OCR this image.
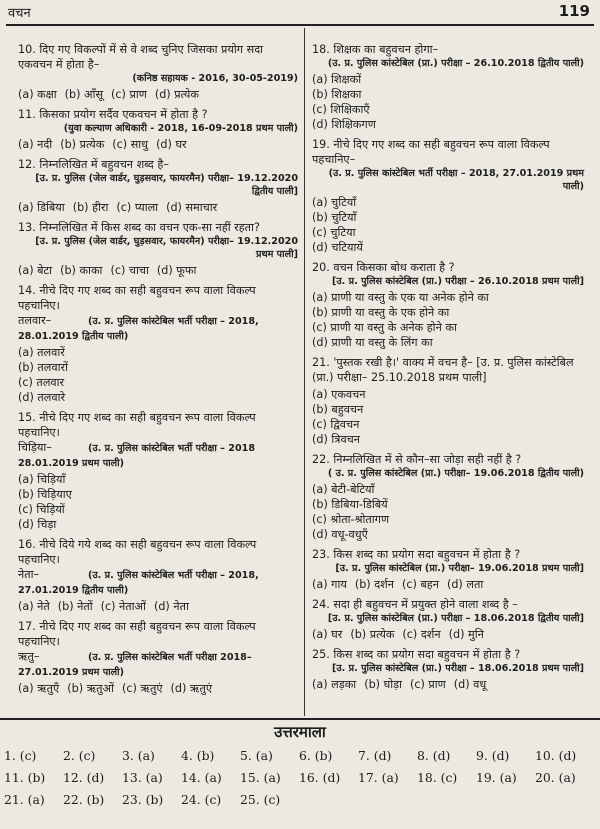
वचन	119
10. दिए गए विकल्पों में से वे शब्द चुनिए जिसका प्रयोग सदा एकवचन में होता है–
(कनिष्ठ सहायक - 2016, 30-05-2019)
(a) कक्षा (b) आँसू (c) प्राण (d) प्रत्येक
11. किसका प्रयोग सर्दैव एकवचन में होता है ?
(युवा कल्याण अधिकारी - 2018, 16-09-2018 प्रथम पाली)
(a) नदी (b) प्रत्येक (c) साधु (d) घर
12. निम्नलिखित में बहुवचन शब्द है–
[उ. प्र. पुलिस (जेल वार्डर, घुड़सवार, फायरमैन) परीक्षा– 19.12.2020 द्वितीय पाली]
(a) डिबिया (b) हीरा (c) प्याला (d) समाचार
13. निम्नलिखित में किस शब्द का वचन एक-सा नहीं रहता?
[उ. प्र. पुलिस (जेल वार्डर, घुड़सवार, फायरमैन) परीक्षा– 19.12.2020 प्रथम पाली]
(a) बेटा (b) काका (c) चाचा (d) फूफा
14. नीचे दिए गए शब्द का सही बहुवचन रूप वाला विकल्प पहचानिए।
तलवार–	(उ. प्र. पुलिस कांस्टेबिल भर्ती परीक्षा – 2018, 28.01.2019 द्वितीय पाली)
(a) तलवारें(b) तलवारों(c) तलवार(d) तलवारे
15. नीचे दिए गए शब्द का सही बहुवचन रूप वाला विकल्प पहचानिए।
चिड़िया–	(उ. प्र. पुलिस कांस्टेबिल भर्ती परीक्षा – 2018 28.01.2019 प्रथम पाली)
(a) चिड़ियाँ(b) चिड़ियाए(c) चिड़ियों(d) चिड़ा
16. नीचे दिये गये शब्द का सही बहुवचन रूप वाला विकल्प पहचानिए।
नेता–	(उ. प्र. पुलिस कांस्टेबिल भर्ती परीक्षा – 2018, 27.01.2019 द्वितीय पाली)
(a) नेते (b) नेतों (c) नेताओं (d) नेता
17. नीचे दिए गए शब्द का सही बहुवचन रूप वाला विकल्प पहचानिए।
ऋतु–	(उ. प्र. पुलिस कांस्टेबिल भर्ती परीक्षा 2018– 27.01.2019 प्रथम पाली)
(a) ऋतुएँ (b) ऋतुओं (c) ऋतुएं (d) ऋतुएं
18. शिक्षक का बहुवचन होगा–
(उ. प्र. पुलिस कांस्टेबिल (प्रा.) परीक्षा – 26.10.2018 द्वितीय पाली)
(a) शिक्षकों(b) शिक्षका(c) शिक्षिकाएँ(d) शिक्षिकगण
19. नीचे दिए गए शब्द का सही बहुवचन रूप वाला विकल्प पहचानिए–
(उ. प्र. पुलिस कांस्टेबिल भर्ती परीक्षा – 2018, 27.01.2019 प्रथम पाली)
(a) चुटियाँ(b) चुटियाँ(c) चुटिया(d) चटियायें
20. वचन किसका बोध कराता है ?
[उ. प्र. पुलिस कांस्टेबिल (प्रा.) परीक्षा – 26.10.2018 प्रथम पाली]
(a) प्राणी या वस्तु के एक या अनेक होने का
(b) प्राणी या वस्तु के एक होने का
(c) प्राणी या वस्तु के अनेक होने का
(d) प्राणी या वस्तु के लिंग का
21. 'पुस्तक रखी है।' वाक्य में वचन है– [उ. प्र. पुलिस कांस्टेबिल (प्रा.) परीक्षा– 25.10.2018 प्रथम पाली]
(a) एकवचन(b) बहुवचन(c) द्विवचन(d) त्रिवचन
22. निम्नलिखित में से कौन–सा जोड़ा सही नहीं है ?
( उ. प्र. पुलिस कांस्टेबिल (प्रा.) परीक्षा– 19.06.2018 द्वितीय पाली)
(a) बेटी-बेटियाँ
(b) डिबिया-डिबियें
(c) श्रोता-श्रोतागण
(d) वधू-वधुएँ
23. किस शब्द का प्रयोग सदा बहुवचन में होता है ?
[उ. प्र. पुलिस कांस्टेबिल (प्रा.) परीक्षा– 19.06.2018 प्रथम पाली]
(a) गाय (b) दर्शन (c) बहन (d) लता
24. सदा ही बहुवचन में प्रयुक्त होने वाला शब्द है –
[उ. प्र. पुलिस कांस्टेबिल (प्रा.) परीक्षा – 18.06.2018 द्वितीय पाली]
(a) घर (b) प्रत्येक (c) दर्शन (d) मुनि
25. किस शब्द का प्रयोग सदा बहुवचन में होता है ?
[उ. प्र. पुलिस कांस्टेबिल (प्रा.) परीक्षा – 18.06.2018 प्रथम पाली]
(a) लड़का (b) घोड़ा (c) प्राण (d) वधू
उत्तरमाला
1. (c)	2. (c)	3. (a)	4. (b)	5. (a)	6. (b)	7. (d)	8. (d)	9. (d)	10. (d)
11. (b)	12. (d)	13. (a)	14. (a)	15. (a)	16. (d)	17. (a)	18. (c)	19. (a)	20. (a)
21. (a)	22. (b)	23. (b)	24. (c)	25. (c)
